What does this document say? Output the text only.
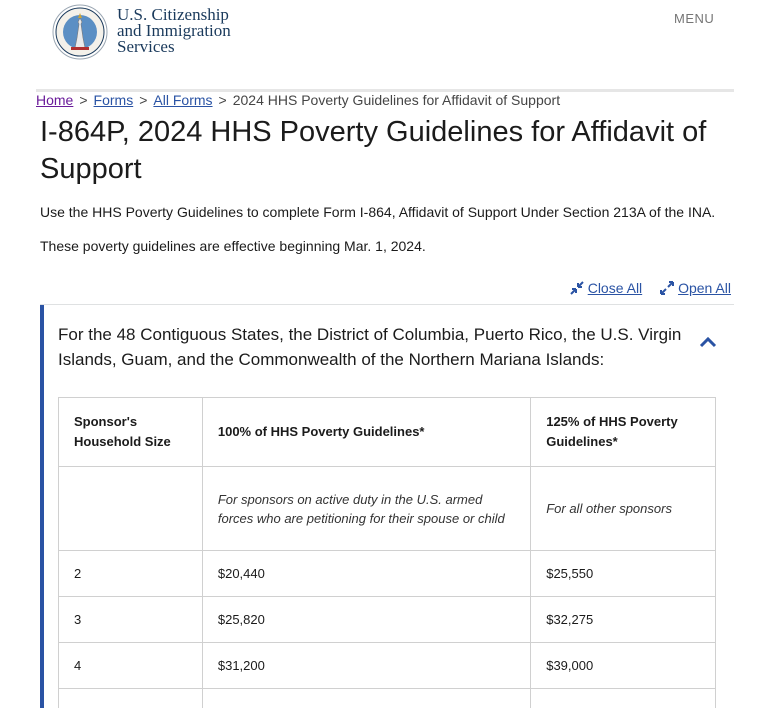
U.S. Citizenship
and Immigration
Services
MENU
Home > Forms > All Forms > 2024 HHS Poverty Guidelines for Affidavit of Support
I-864P, 2024 HHS Poverty Guidelines for Affidavit of Support

Use the HHS Poverty Guidelines to complete Form I-864, Affidavit of Support Under Section 213A of the INA.

These poverty guidelines are effective beginning Mar. 1, 2024.

Close All	Open All
For the 48 Contiguous States, the District of Columbia, Puerto Rico, the U.S. Virgin Islands, Guam, and the Commonwealth of the Northern Mariana Islands:
Sponsor's Household Size	100% of HHS Poverty Guidelines*	125% of HHS Poverty Guidelines*
	For sponsors on active duty in the U.S. armed forces who are petitioning for their spouse or child	For all other sponsors
2	$20,440	$25,550
3	$25,820	$32,275
4	$31,200	$39,000
